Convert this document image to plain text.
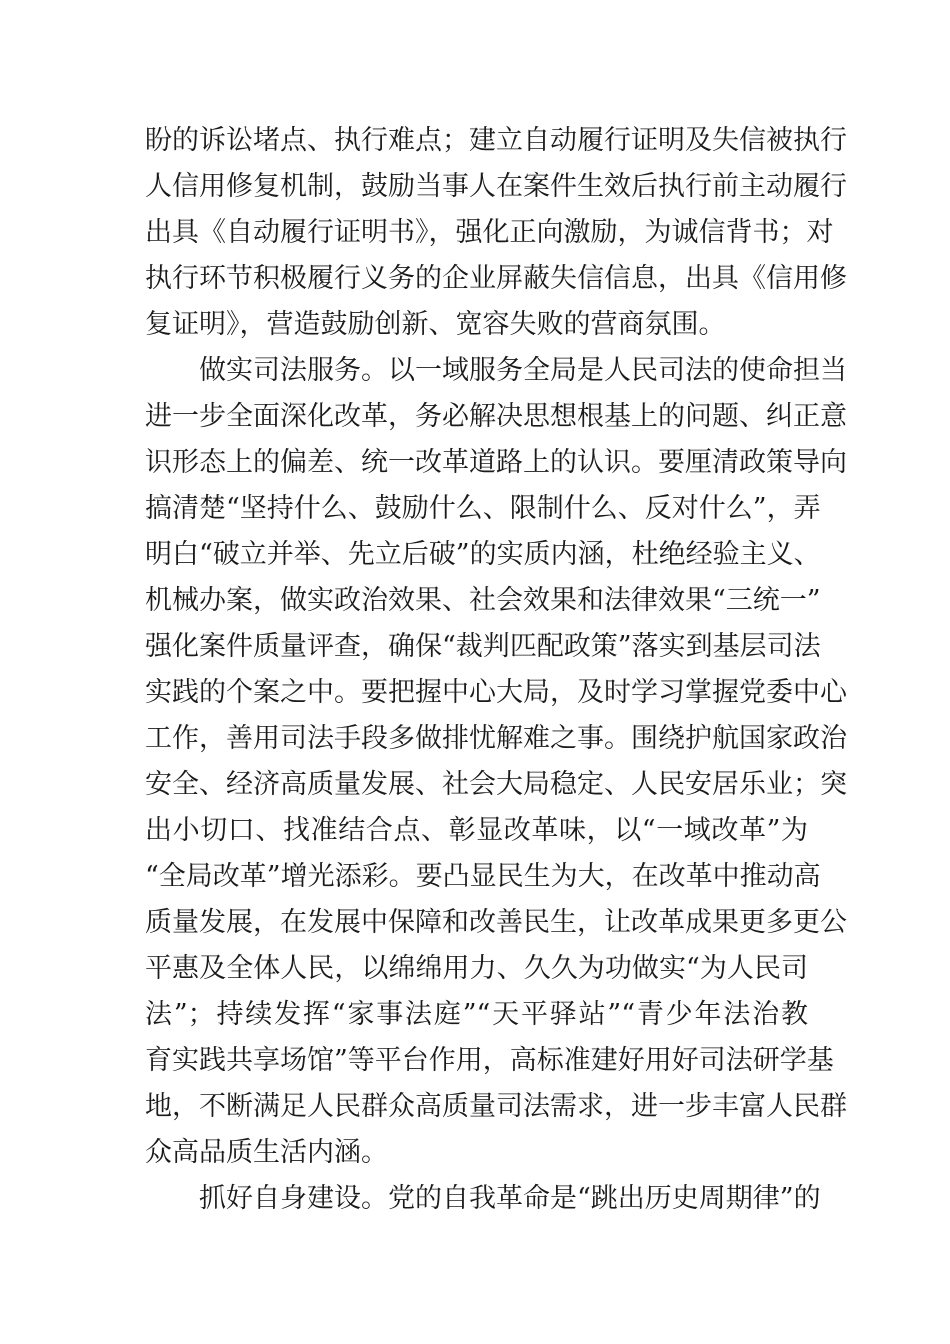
盼的诉讼堵点、执行难点；建立自动履行证明及失信被执行
人信用修复机制，鼓励当事人在案件生效后执行前主动履行
出具《自动履行证明书》，强化正向激励，为诚信背书；对
执行环节积极履行义务的企业屏蔽失信信息，出具《信用修
复证明》，营造鼓励创新、宽容失败的营商氛围。
做实司法服务。以一域服务全局是人民司法的使命担当
进一步全面深化改革，务必解决思想根基上的问题、纠正意
识形态上的偏差、统一改革道路上的认识。要厘清政策导向
搞清楚“坚持什么、鼓励什么、限制什么、反对什么”，弄
明白“破立并举、先立后破”的实质内涵，杜绝经验主义、
机械办案，做实政治效果、社会效果和法律效果“三统一”
强化案件质量评查，确保“裁判匹配政策”落实到基层司法
实践的个案之中。要把握中心大局，及时学习掌握党委中心
工作，善用司法手段多做排忧解难之事。围绕护航国家政治
安全、经济高质量发展、社会大局稳定、人民安居乐业；突
出小切口、找准结合点、彰显改革味，以“一域改革”为
“全局改革”增光添彩。要凸显民生为大，在改革中推动高
质量发展，在发展中保障和改善民生，让改革成果更多更公
平惠及全体人民，以绵绵用力、久久为功做实“为人民司
法”；持续发挥“家事法庭”“天平驿站”“青少年法治教
育实践共享场馆”等平台作用，高标准建好用好司法研学基
地，不断满足人民群众高质量司法需求，进一步丰富人民群
众高品质生活内涵。
抓好自身建设。党的自我革命是“跳出历史周期律”的
